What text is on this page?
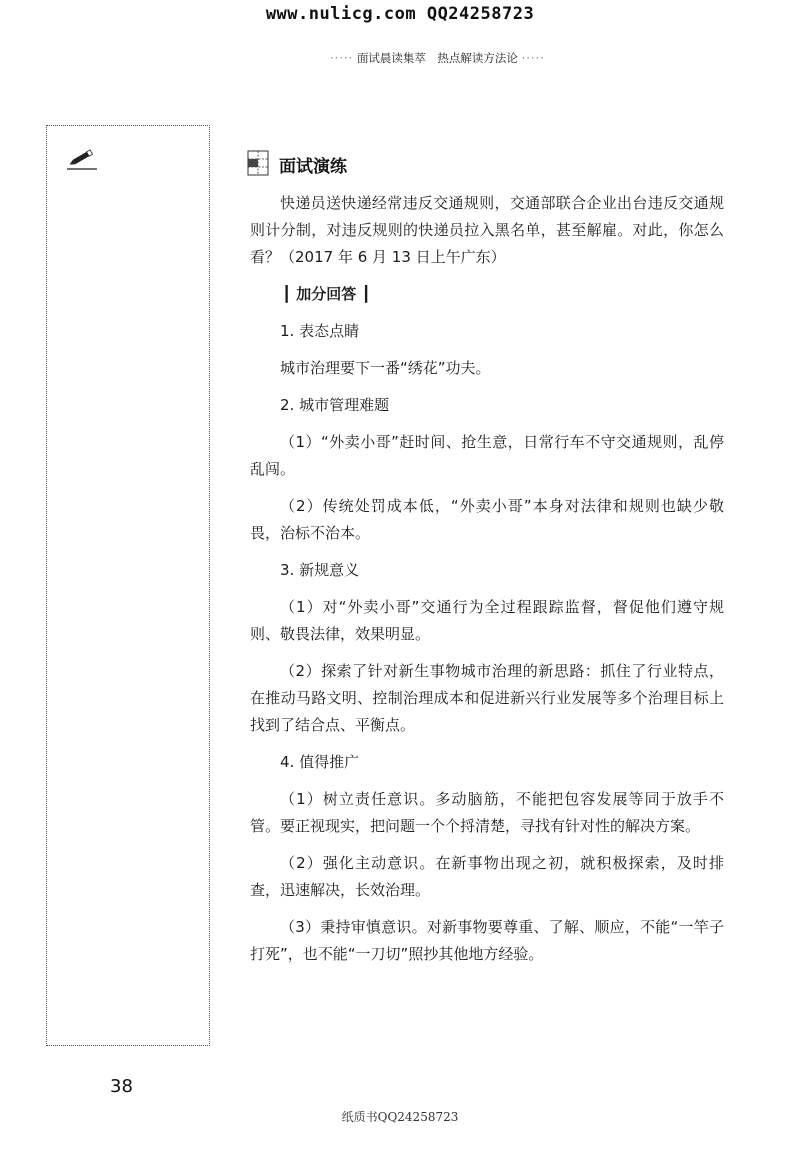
www.nulicg.com QQ24258723
····· 面试晨读集萃　热点解读方法论 ·····
面试演练

快递员送快递经常违反交通规则，交通部联合企业出台违反交通规则计分制，对违反规则的快递员拉入黑名单，甚至解雇。对此，你怎么看？（2017 年 6 月 13 日上午广东）

┃ 加分回答 ┃

1. 表态点睛

城市治理要下一番“绣花”功夫。

2. 城市管理难题

（1）“外卖小哥”赶时间、抢生意，日常行车不守交通规则，乱停乱闯。

（2）传统处罚成本低，“外卖小哥”本身对法律和规则也缺少敬畏，治标不治本。

3. 新规意义

（1）对“外卖小哥”交通行为全过程跟踪监督，督促他们遵守规则、敬畏法律，效果明显。

（2）探索了针对新生事物城市治理的新思路：抓住了行业特点，在推动马路文明、控制治理成本和促进新兴行业发展等多个治理目标上找到了结合点、平衡点。

4. 值得推广

（1）树立责任意识。多动脑筋，不能把包容发展等同于放手不管。要正视现实，把问题一个个捋清楚，寻找有针对性的解决方案。

（2）强化主动意识。在新事物出现之初，就积极探索，及时排查，迅速解决，长效治理。

（3）秉持审慎意识。对新事物要尊重、了解、顺应，不能“一竿子打死”，也不能“一刀切”照抄其他地方经验。

38
纸质书QQ24258723
